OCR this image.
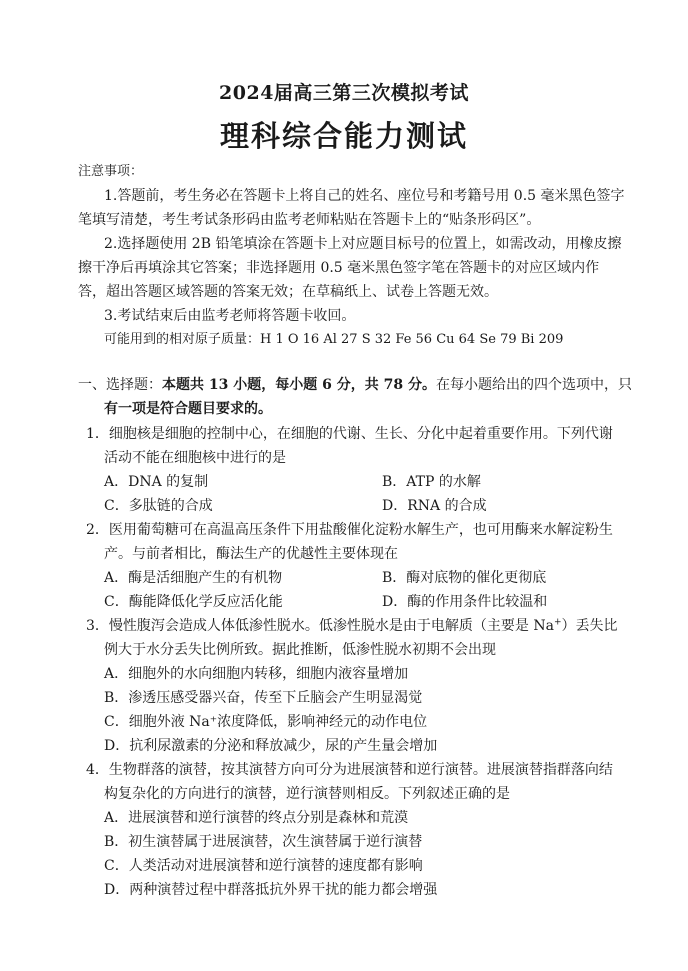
2024届高三第三次模拟考试
理科综合能力测试
注意事项：
1.答题前，考生务必在答题卡上将自己的姓名、座位号和考籍号用 0.5 毫米黑色签字
笔填写清楚，考生考试条形码由监考老师粘贴在答题卡上的“贴条形码区”。
2.选择题使用 2B 铅笔填涂在答题卡上对应题目标号的位置上，如需改动，用橡皮擦
擦干净后再填涂其它答案；非选择题用 0.5 毫米黑色签字笔在答题卡的对应区域内作
答，超出答题区域答题的答案无效；在草稿纸上、试卷上答题无效。
3.考试结束后由监考老师将答题卡收回。
可能用到的相对原子质量：H 1 O 16 Al 27 S 32 Fe 56 Cu 64 Se 79 Bi 209
一、选择题：本题共 13 小题，每小题 6 分，共 78 分。在每小题给出的四个选项中，只
有一项是符合题目要求的。
1．细胞核是细胞的控制中心，在细胞的代谢、生长、分化中起着重要作用。下列代谢
活动不能在细胞核中进行的是
A．DNA 的复制	B．ATP 的水解
C．多肽链的合成	D．RNA 的合成
2．医用葡萄糖可在高温高压条件下用盐酸催化淀粉水解生产，也可用酶来水解淀粉生
产。与前者相比，酶法生产的优越性主要体现在
A．酶是活细胞产生的有机物	B．酶对底物的催化更彻底
C．酶能降低化学反应活化能	D．酶的作用条件比较温和
3．慢性腹泻会造成人体低渗性脱水。低渗性脱水是由于电解质（主要是 Na+）丢失比
例大于水分丢失比例所致。据此推断，低渗性脱水初期不会出现
A．细胞外的水向细胞内转移，细胞内液容量增加
B．渗透压感受器兴奋，传至下丘脑会产生明显渴觉
C．细胞外液 Na⁺浓度降低，影响神经元的动作电位
D．抗利尿激素的分泌和释放减少，尿的产生量会增加
4．生物群落的演替，按其演替方向可分为进展演替和逆行演替。进展演替指群落向结
构复杂化的方向进行的演替，逆行演替则相反。下列叙述正确的是
A．进展演替和逆行演替的终点分别是森林和荒漠
B．初生演替属于进展演替，次生演替属于逆行演替
C．人类活动对进展演替和逆行演替的速度都有影响
D．两种演替过程中群落抵抗外界干扰的能力都会增强
